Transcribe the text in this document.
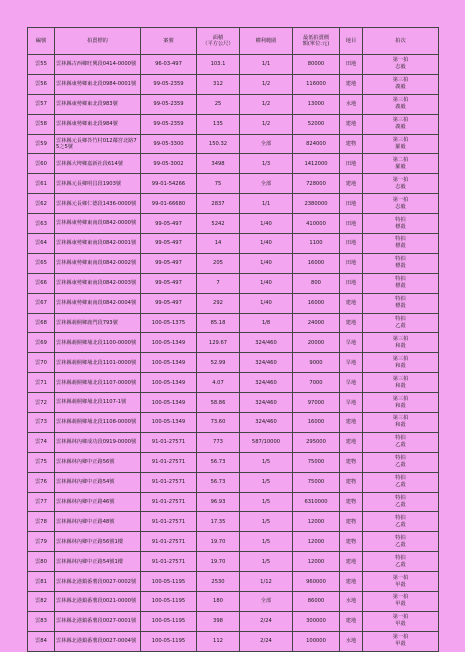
編號	拍賣標的	案號	面積
（平方公尺）	權利範圍	最低拍賣價
額(單位:元)	地目	拍次
雲55	雲林縣古西鄉旺興段0414-0000號	96-03-497	103.1	1/1	80000	田地	第一拍
志毅
雲56	雲林縣東勢鄉東北段0984-0001號	99-05-2359	312	1/2	116000	建地	第三拍
義毅
雲57	雲林縣東勢鄉東北段983號	99-05-2359	25	1/2	13000	水地	第三拍
義毅
雲58	雲林縣東勢鄉東北段984號	99-05-2359	135	1/2	52000	建地	第三拍
義毅
雲59	雲林縣元長鄉荅竹村012鄰宮北路75之5號	99-05-3300	150.32	全部	824000	建物	第三拍
羅毅
雲60	雲林縣大埤鄉嘉新社段614號	99-05-3002	3498	1/3	1412000	田地	第二拍
羅毅
雲61	雲林縣元長鄉明昌段1903號	99-01-54266	75	全部	728000	建地	第一拍
志毅
雲62	雲林縣元長鄉仁德段1436-0000號	99-01-66680	2837	1/1	2380000	田地	第一拍
志毅
雲63	雲林縣東勢鄉東南段0842-0000號	99-05-497	5242	1/40	410000	田地	特拍
標殺
雲64	雲林縣東勢鄉東南段0842-0001號	99-05-497	14	1/40	1100	田地	特拍
標殺
雲65	雲林縣東勢鄉東南段0842-0002號	99-05-497	205	1/40	16000	田地	特拍
標殺
雲66	雲林縣東勢鄉東南段0842-0003號	99-05-497	7	1/40	800	田地	特拍
標殺
雲67	雲林縣東勢鄉東南段0842-0004號	99-05-497	292	1/40	16000	建地	特拍
標殺
雲68	雲林縣莿桐鄉鹿門段793號	100-05-1375	85.18	1/8	24000	建地	特拍
乙殺
雲69	雲林縣莿桐鄉埔北段1100-0000號	100-05-1349	129.67	324/460	20000	旱地	第三拍
和殺
雲70	雲林縣莿桐鄉埔北段1101-0000號	100-05-1349	52.99	324/460	9000	旱地	第三拍
和殺
雲71	雲林縣莿桐鄉埔北段1107-0000號	100-05-1349	4.07	324/460	7000	旱地	第三拍
和殺
雲72	雲林縣莿桐鄉埔北段1107-1號	100-05-1349	58.86	324/460	97000	旱地	第三拍
和殺
雲73	雲林縣莿桐鄉埔北段1108-0000號	100-05-1349	73.60	324/460	16000	建地	第三拍
和殺
雲74	雲林縣林內鄉成功段0919-0000號	91-01-27571	773	587/10000	295000	建地	特拍
乙殺
雲75	雲林縣林內鄉中正路56號	91-01-27571	56.73	1/5	75000	建物	特拍
乙殺
雲76	雲林縣林內鄉中正路54號	91-01-27571	56.73	1/5	75000	建物	特拍
乙殺
雲77	雲林縣林內鄉中正路46號	91-01-27571	96.93	1/5	6310000	建物	特拍
乙殺
雲78	雲林縣林內鄉中正路48號	91-01-27571	17.35	1/5	12000	建物	特拍
乙殺
雲79	雲林縣林內鄉中正路56號1樓	91-01-27571	19.70	1/5	12000	建物	特拍
乙殺
雲80	雲林縣林內鄉中正路54號1樓	91-01-27571	19.70	1/5	12000	建地	特拍
乙殺
雲81	雲林縣北港鎮番薯段0027-0002號	100-05-1195	2530	1/12	960000	建地	第一拍
甲殺
雲82	雲林縣北港鎮番薯段0021-0000號	100-05-1195	180	全部	86000	水地	第一拍
甲殺
雲83	雲林縣北港鎮番薯段0027-0001號	100-05-1195	398	2/24	300000	建地	第一拍
甲殺
雲84	雲林縣北港鎮番薯段0027-0004號	100-05-1195	112	2/24	100000	水地	第一拍
甲殺
